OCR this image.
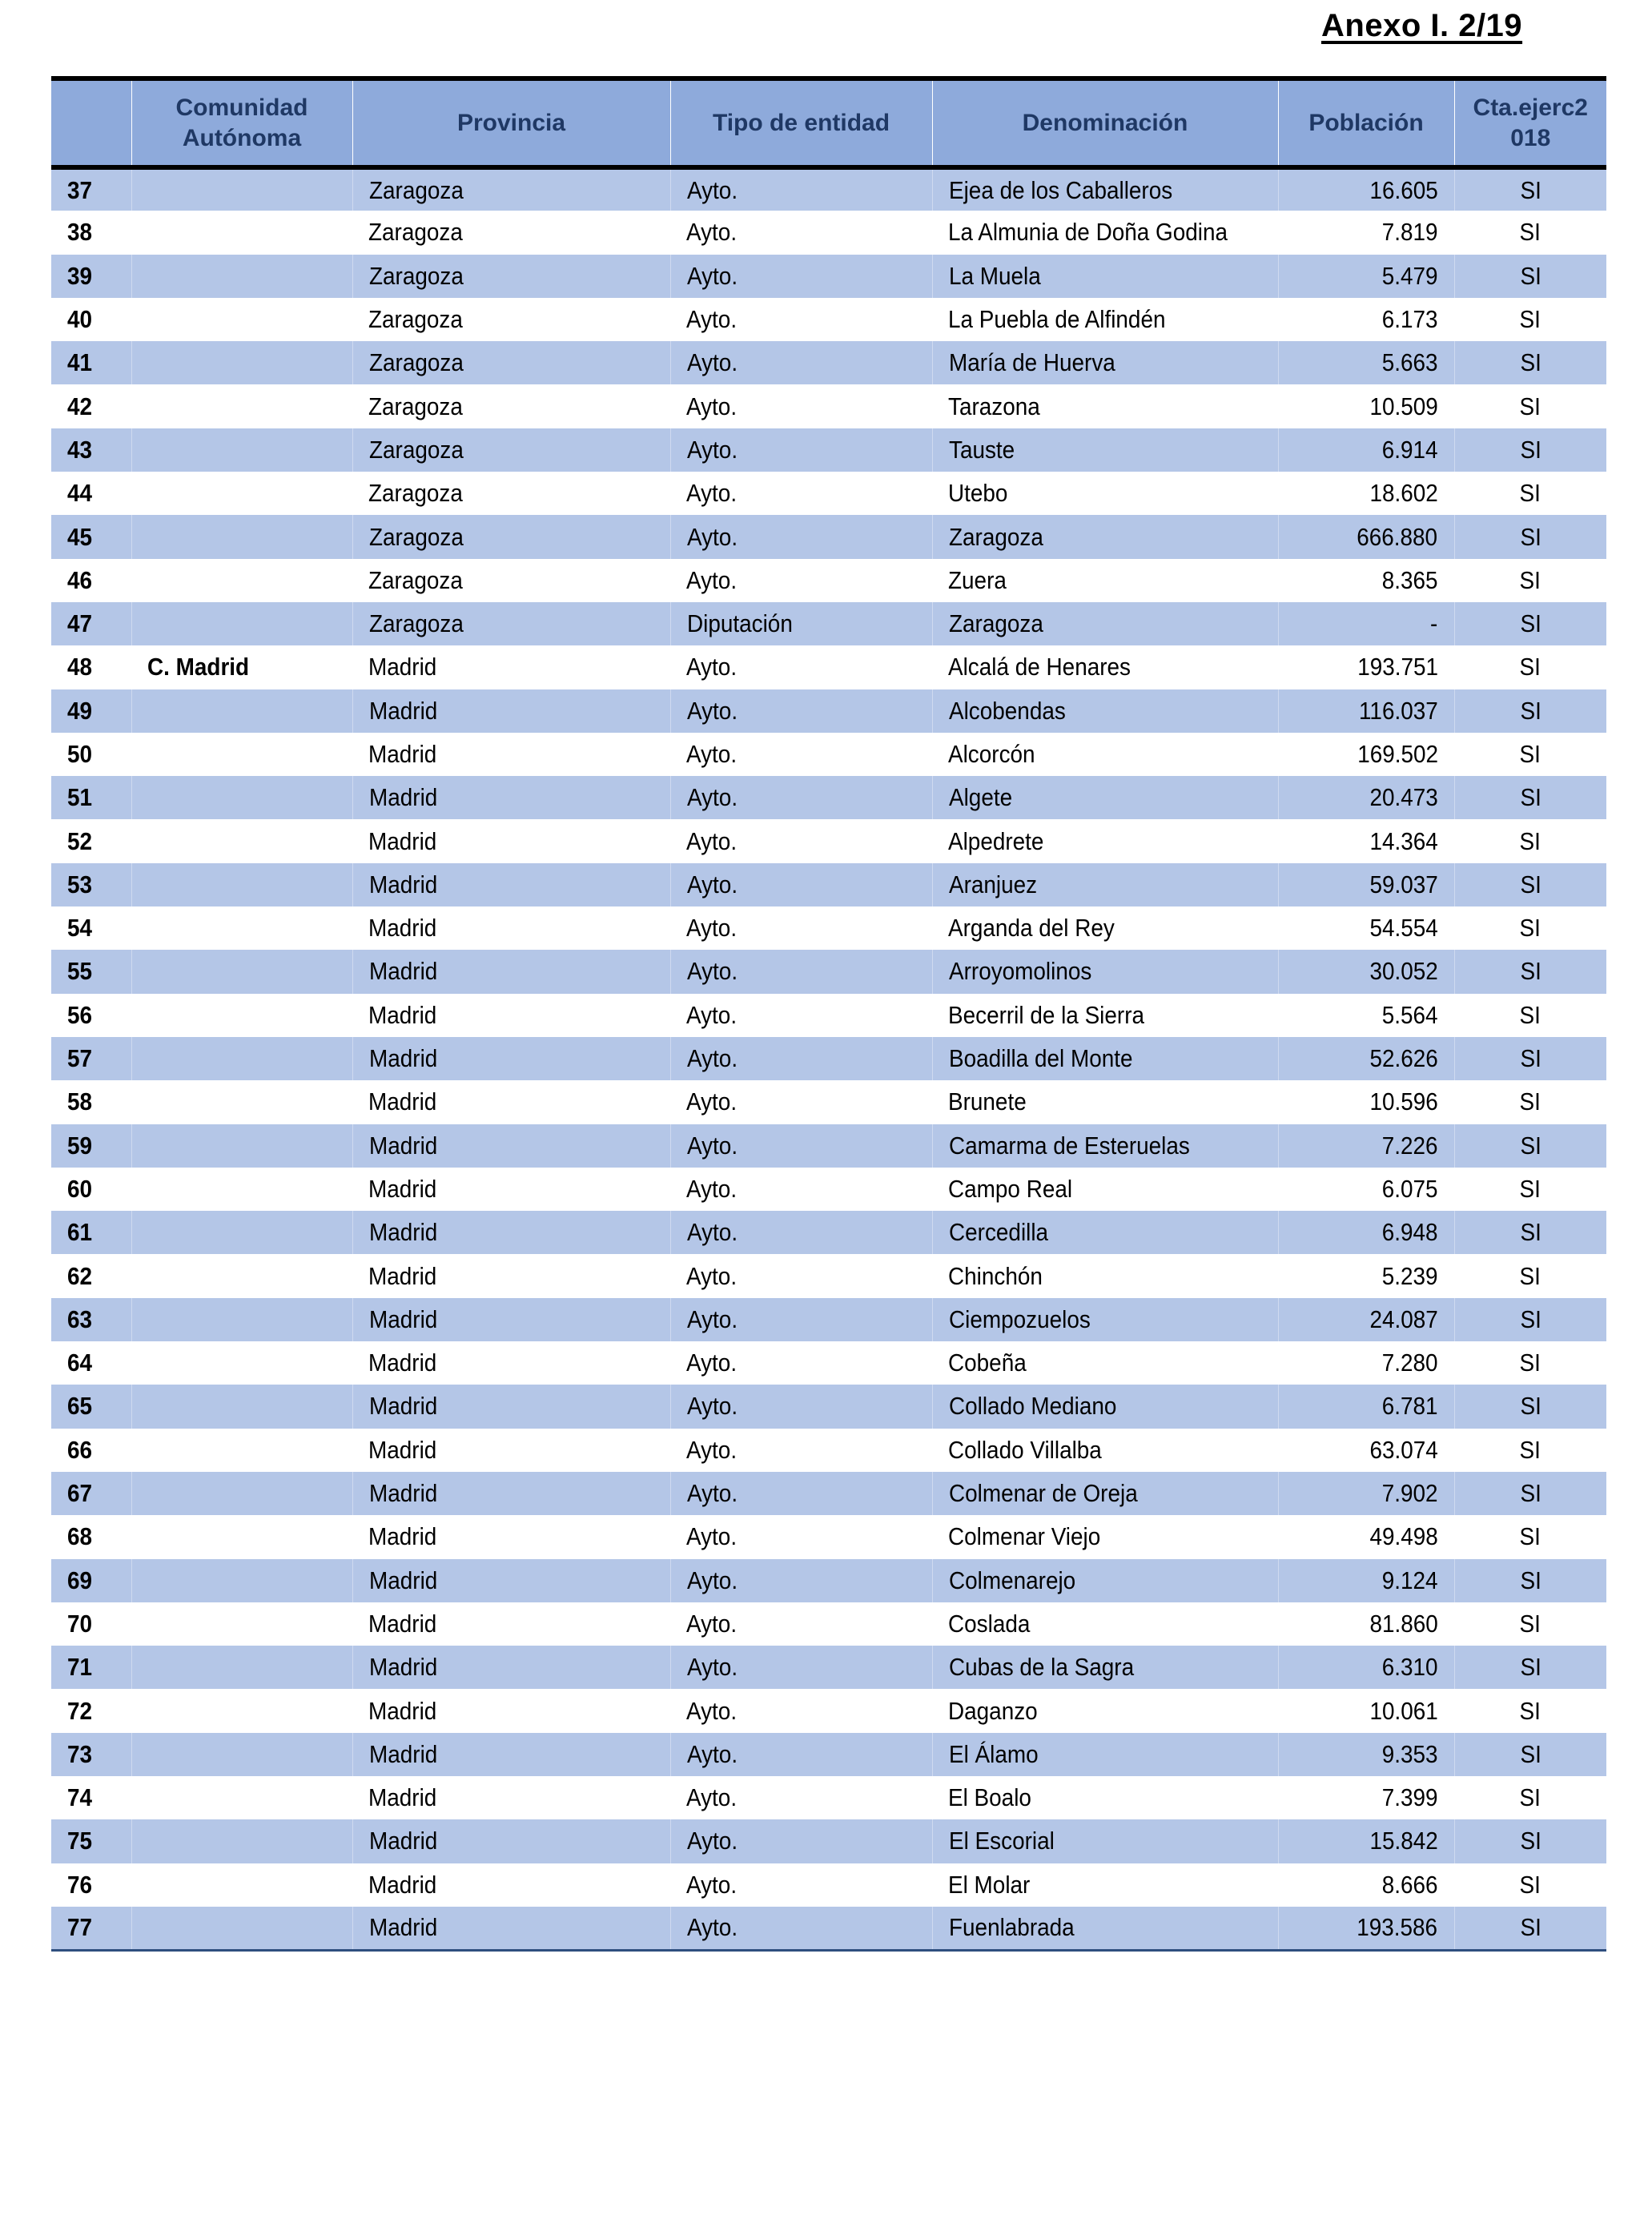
Anexo I. 2/19
	Comunidad Autónoma	Provincia	Tipo de entidad	Denominación	Población	Cta.ejerc2 018
37		Zaragoza	Ayto.	Ejea de los Caballeros	16.605	SI
38		Zaragoza	Ayto.	La Almunia de Doña Godina	7.819	SI
39		Zaragoza	Ayto.	La Muela	5.479	SI
40		Zaragoza	Ayto.	La Puebla de Alfindén	6.173	SI
41		Zaragoza	Ayto.	María de Huerva	5.663	SI
42		Zaragoza	Ayto.	Tarazona	10.509	SI
43		Zaragoza	Ayto.	Tauste	6.914	SI
44		Zaragoza	Ayto.	Utebo	18.602	SI
45		Zaragoza	Ayto.	Zaragoza	666.880	SI
46		Zaragoza	Ayto.	Zuera	8.365	SI
47		Zaragoza	Diputación	Zaragoza	-	SI
48	C. Madrid	Madrid	Ayto.	Alcalá de Henares	193.751	SI
49		Madrid	Ayto.	Alcobendas	116.037	SI
50		Madrid	Ayto.	Alcorcón	169.502	SI
51		Madrid	Ayto.	Algete	20.473	SI
52		Madrid	Ayto.	Alpedrete	14.364	SI
53		Madrid	Ayto.	Aranjuez	59.037	SI
54		Madrid	Ayto.	Arganda del Rey	54.554	SI
55		Madrid	Ayto.	Arroyomolinos	30.052	SI
56		Madrid	Ayto.	Becerril de la Sierra	5.564	SI
57		Madrid	Ayto.	Boadilla del Monte	52.626	SI
58		Madrid	Ayto.	Brunete	10.596	SI
59		Madrid	Ayto.	Camarma de Esteruelas	7.226	SI
60		Madrid	Ayto.	Campo Real	6.075	SI
61		Madrid	Ayto.	Cercedilla	6.948	SI
62		Madrid	Ayto.	Chinchón	5.239	SI
63		Madrid	Ayto.	Ciempozuelos	24.087	SI
64		Madrid	Ayto.	Cobeña	7.280	SI
65		Madrid	Ayto.	Collado Mediano	6.781	SI
66		Madrid	Ayto.	Collado Villalba	63.074	SI
67		Madrid	Ayto.	Colmenar de Oreja	7.902	SI
68		Madrid	Ayto.	Colmenar Viejo	49.498	SI
69		Madrid	Ayto.	Colmenarejo	9.124	SI
70		Madrid	Ayto.	Coslada	81.860	SI
71		Madrid	Ayto.	Cubas de la Sagra	6.310	SI
72		Madrid	Ayto.	Daganzo	10.061	SI
73		Madrid	Ayto.	El Álamo	9.353	SI
74		Madrid	Ayto.	El Boalo	7.399	SI
75		Madrid	Ayto.	El Escorial	15.842	SI
76		Madrid	Ayto.	El Molar	8.666	SI
77		Madrid	Ayto.	Fuenlabrada	193.586	SI
